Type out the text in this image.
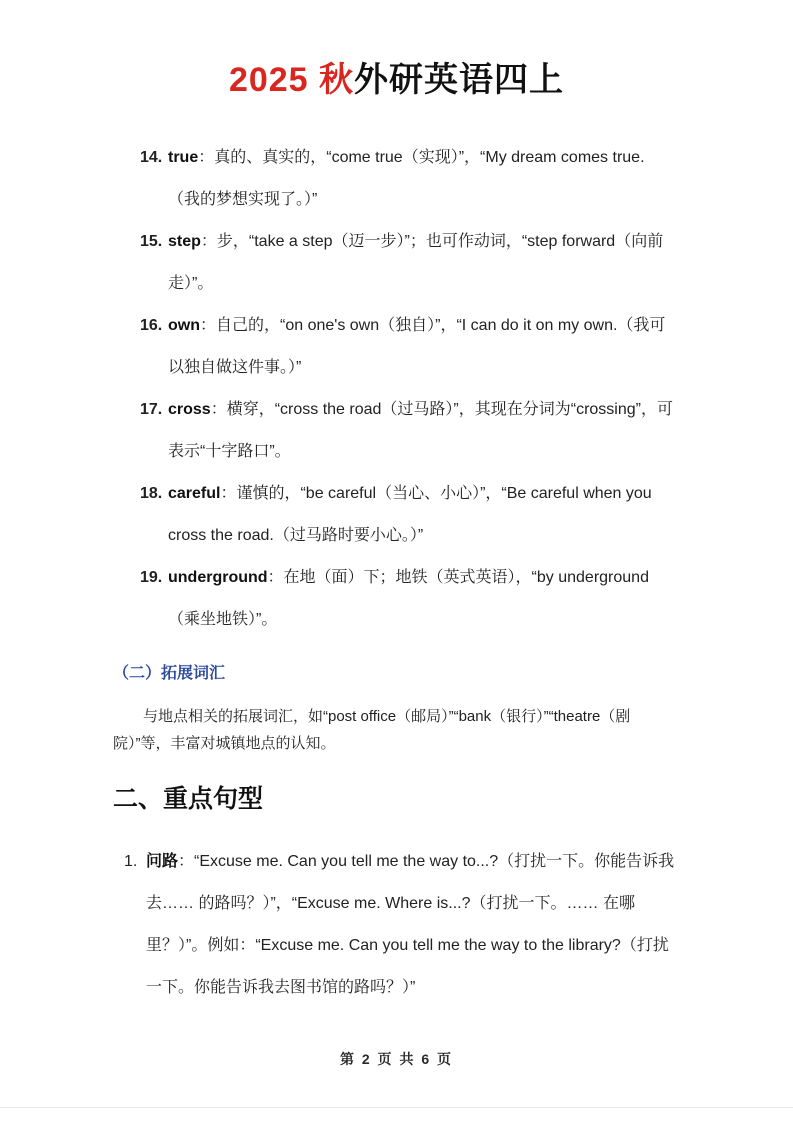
2025 秋外研英语四上
14. true：真的、真实的，“come true（实现）”，“My dream comes true.（我的梦想实现了。）”
15. step：步，“take a step（迈一步）”；也可作动词，“step forward（向前走）”。
16. own：自己的，“on one's own（独自）”，“I can do it on my own.（我可以独自做这件事。）”
17. cross：横穿，“cross the road（过马路）”，其现在分词为“crossing”，可表示“十字路口”。
18. careful：谨慎的，“be careful（当心、小心）”，“Be careful when you cross the road.（过马路时要小心。）”
19. underground：在地（面）下；地铁（英式英语），“by underground（乘坐地铁）”。
（二）拓展词汇

与地点相关的拓展词汇，如“post office（邮局）”“bank（银行）”“theatre（剧院）”等，丰富对城镇地点的认知。

二、重点句型
1. 问路：“Excuse me. Can you tell me the way to...?（打扰一下。你能告诉我去…… 的路吗？）”，“Excuse me. Where is...?（打扰一下。…… 在哪里？）”。例如：“Excuse me. Can you tell me the way to the library?（打扰一下。你能告诉我去图书馆的路吗？）”
第 2 页 共 6 页
